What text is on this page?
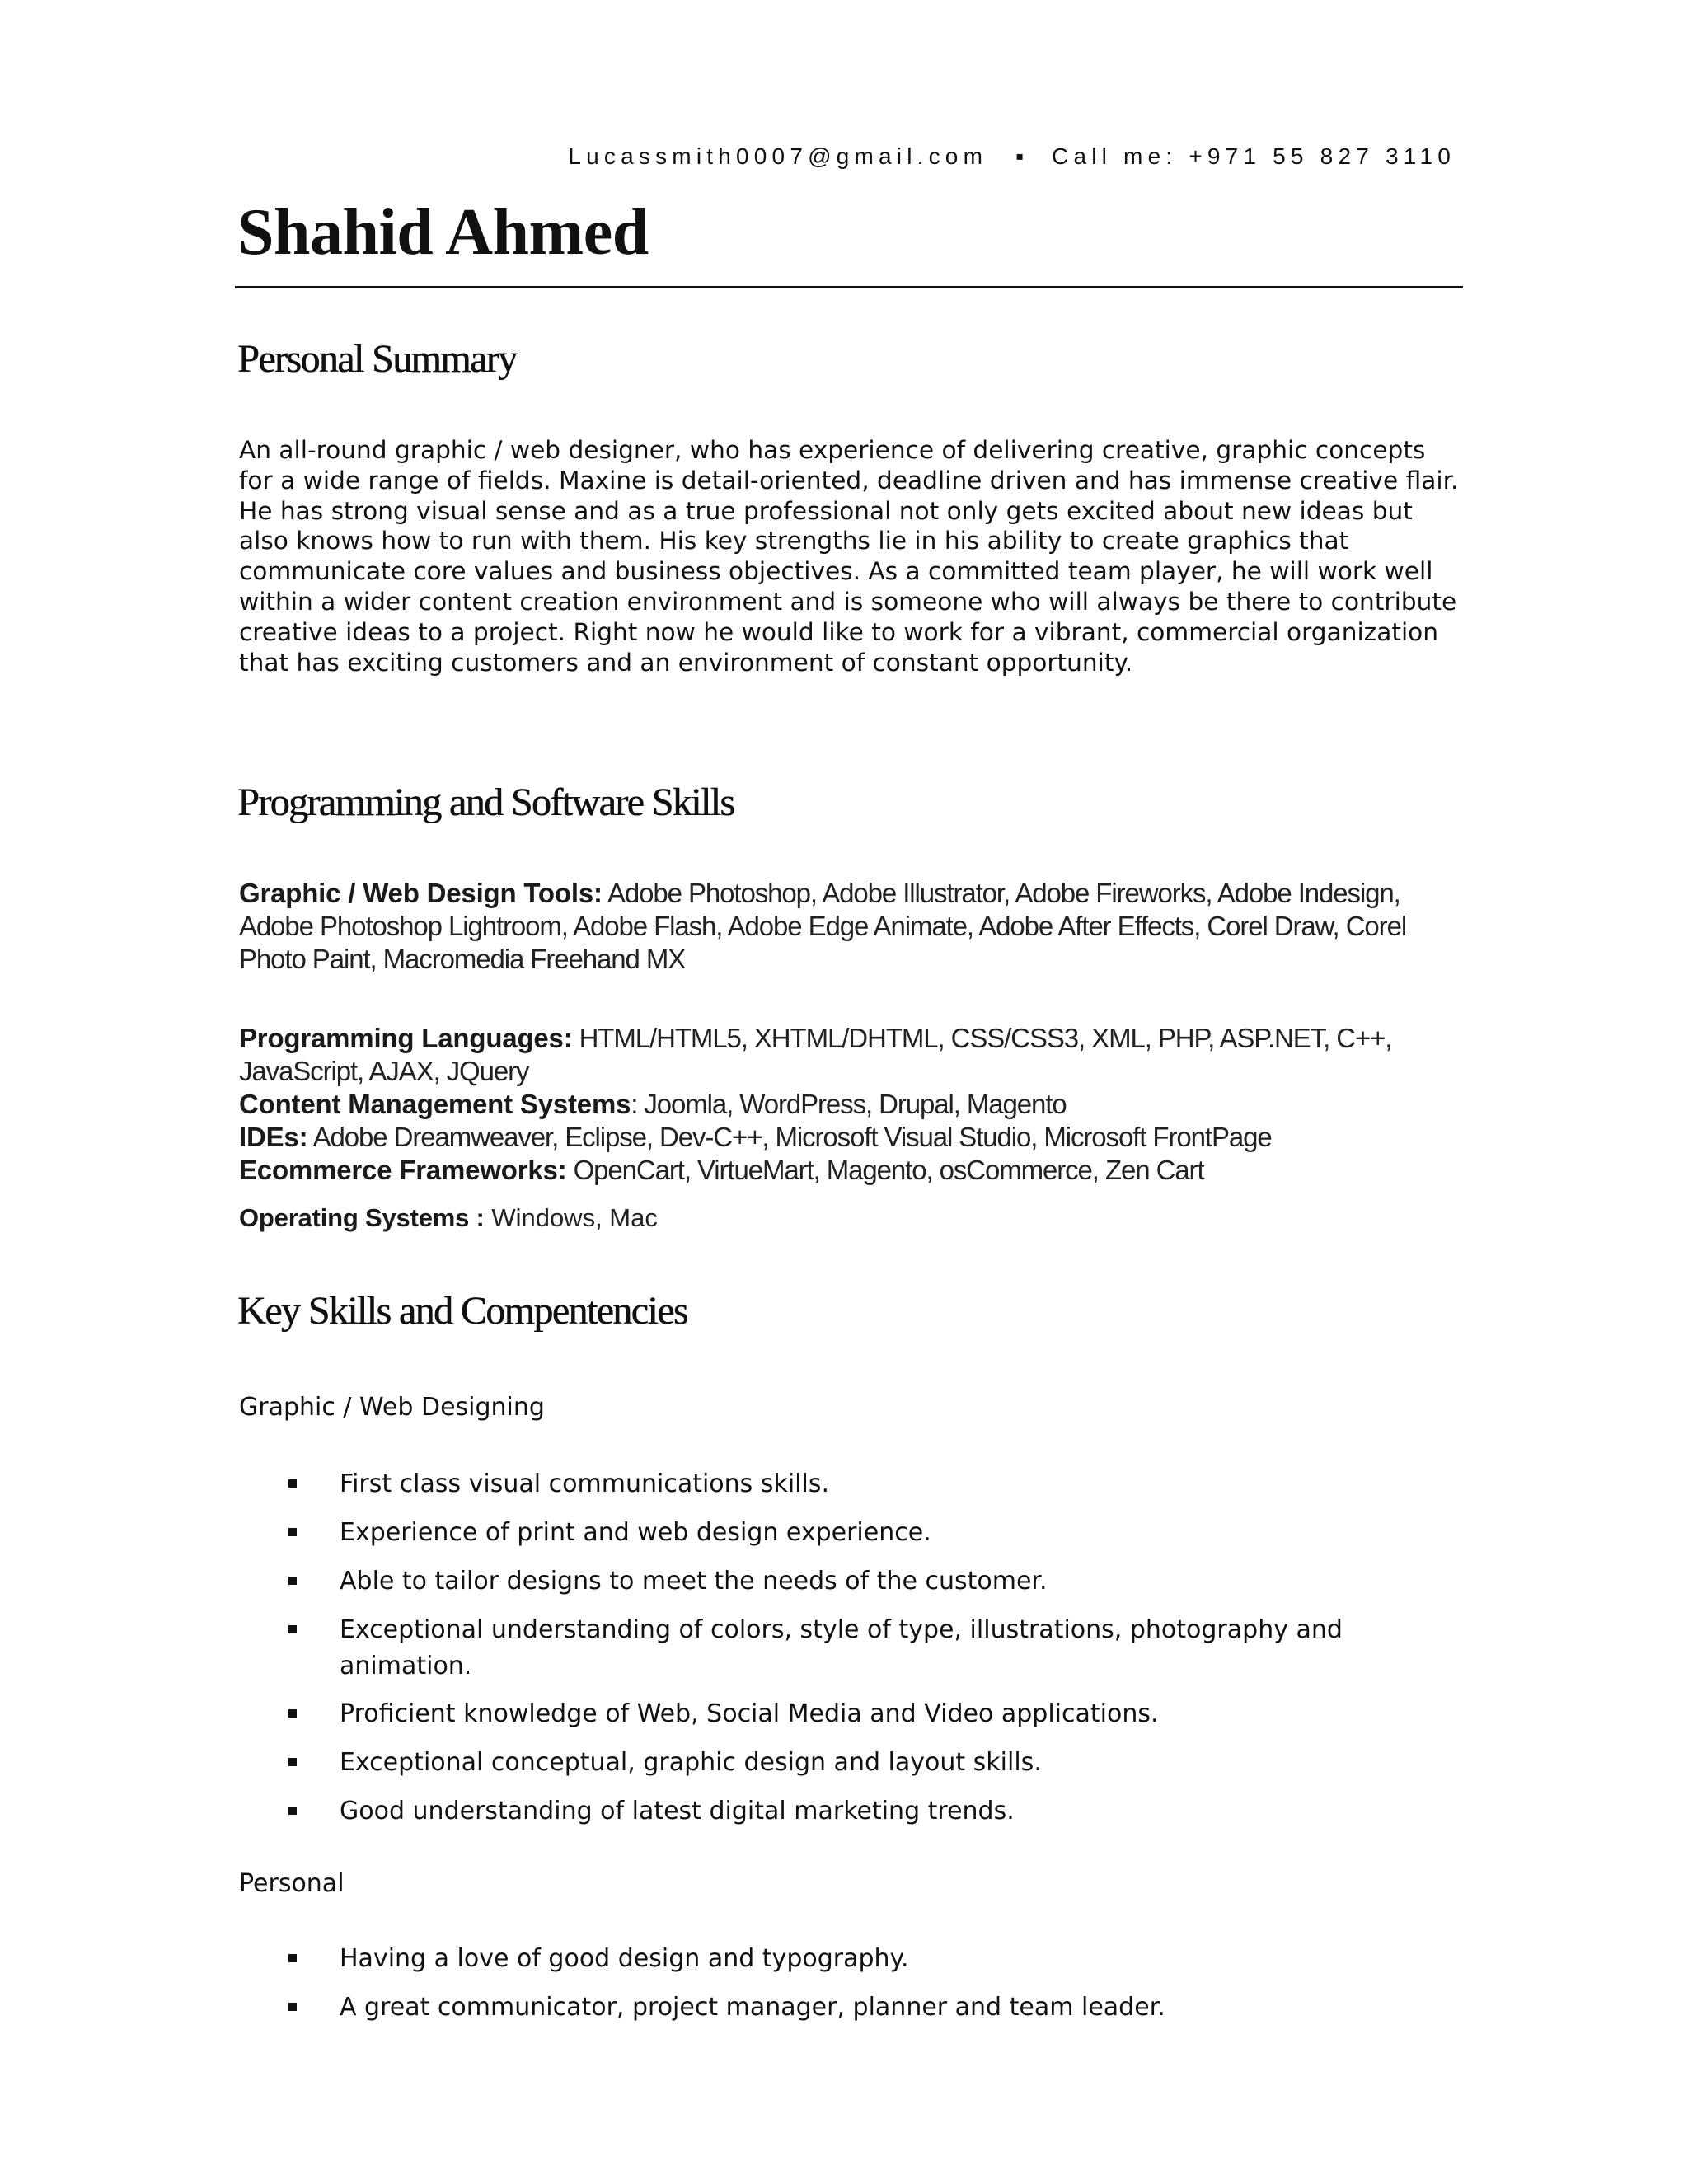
Lucassmith0007@gmail.com ▪ Call me: +971 55 827 3110
Shahid Ahmed
Personal Summary

An all-round graphic / web designer, who has experience of delivering creative, graphic concepts for a wide range of fields. Maxine is detail-oriented, deadline driven and has immense creative flair. He has strong visual sense and as a true professional not only gets excited about new ideas but also knows how to run with them. His key strengths lie in his ability to create graphics that communicate core values and business objectives. As a committed team player, he will work well within a wider content creation environment and is someone who will always be there to contribute creative ideas to a project. Right now he would like to work for a vibrant, commercial organization that has exciting customers and an environment of constant opportunity.

Programming and Software Skills

Graphic / Web Design Tools: Adobe Photoshop, Adobe Illustrator, Adobe Fireworks, Adobe Indesign, Adobe Photoshop Lightroom, Adobe Flash, Adobe Edge Animate, Adobe After Effects, Corel Draw, Corel Photo Paint, Macromedia Freehand MX

Programming Languages: HTML/HTML5, XHTML/DHTML, CSS/CSS3, XML, PHP, ASP.NET, C++, JavaScript, AJAX, JQuery

Content Management Systems: Joomla, WordPress, Drupal, Magento

IDEs: Adobe Dreamweaver, Eclipse, Dev-C++, Microsoft Visual Studio, Microsoft FrontPage

Ecommerce Frameworks: OpenCart, VirtueMart, Magento, osCommerce, Zen Cart

Operating Systems : Windows, Mac

Key Skills and Compentencies

Graphic / Web Designing

First class visual communications skills.
Experience of print and web design experience.
Able to tailor designs to meet the needs of the customer.
Exceptional understanding of colors, style of type, illustrations, photography and animation.
Proficient knowledge of Web, Social Media and Video applications.
Exceptional conceptual, graphic design and layout skills.
Good understanding of latest digital marketing trends.

Personal

Having a love of good design and typography.
A great communicator, project manager, planner and team leader.
